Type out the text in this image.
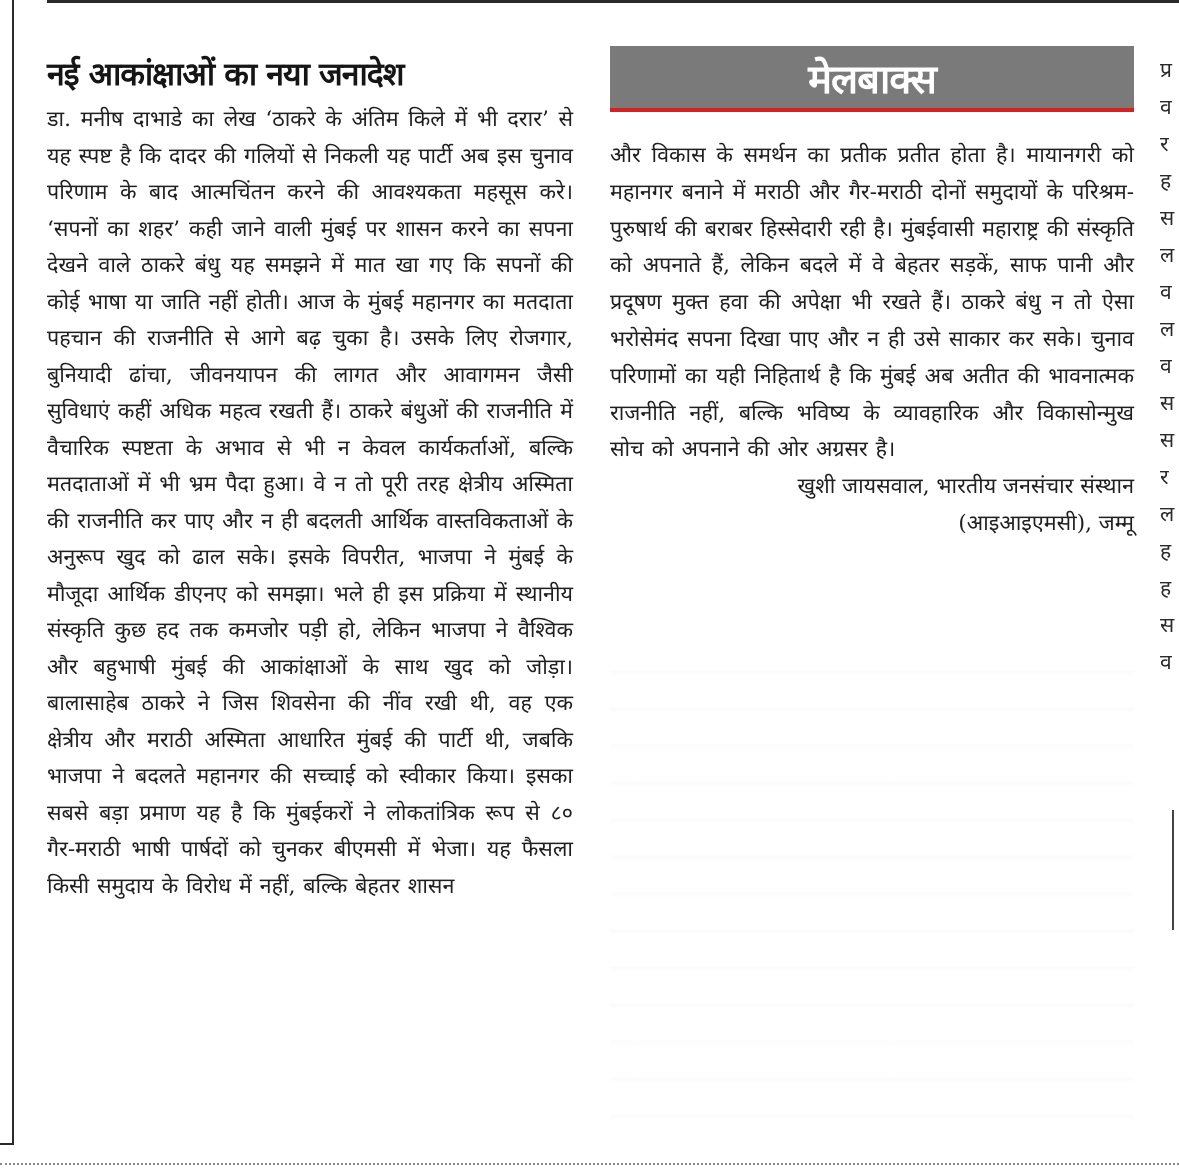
नई आकांक्षाओं का नया जनादेश

डा. मनीष दाभाडे का लेख ‘ठाकरे के अंतिम किले में भी दरार’ से यह स्पष्ट है कि दादर की गलियों से निकली यह पार्टी अब इस चुनाव परिणाम के बाद आत्मचिंतन करने की आवश्यकता महसूस करे। ‘सपनों का शहर’ कही जाने वाली मुंबई पर शासन करने का सपना देखने वाले ठाकरे बंधु यह समझने में मात खा गए कि सपनों की कोई भाषा या जाति नहीं होती। आज के मुंबई महानगर का मतदाता पहचान की राजनीति से आगे बढ़ चुका है। उसके लिए रोजगार, बुनियादी ढांचा, जीवनयापन की लागत और आवागमन जैसी सुविधाएं कहीं अधिक महत्व रखती हैं। ठाकरे बंधुओं की राजनीति में वैचारिक स्पष्टता के अभाव से भी न केवल कार्यकर्ताओं, बल्कि मतदाताओं में भी भ्रम पैदा हुआ। वे न तो पूरी तरह क्षेत्रीय अस्मिता की राजनीति कर पाए और न ही बदलती आर्थिक वास्तविकताओं के अनुरूप खुद को ढाल सके। इसके विपरीत, भाजपा ने मुंबई के मौजूदा आर्थिक डीएनए को समझा। भले ही इस प्रक्रिया में स्थानीय संस्कृति कुछ हद तक कमजोर पड़ी हो, लेकिन भाजपा ने वैश्विक और बहुभाषी मुंबई की आकांक्षाओं के साथ खुद को जोड़ा। बालासाहेब ठाकरे ने जिस शिवसेना की नींव रखी थी, वह एक क्षेत्रीय और मराठी अस्मिता आधारित मुंबई की पार्टी थी, जबकि भाजपा ने बदलते महानगर की सच्चाई को स्वीकार किया। इसका सबसे बड़ा प्रमाण यह है कि मुंबईकरों ने लोकतांत्रिक रूप से ८० गैर-मराठी भाषी पार्षदों को चुनकर बीएमसी में भेजा। यह फैसला किसी समुदाय के विरोध में नहीं, बल्कि बेहतर शासन

मेलबाक्स

और विकास के समर्थन का प्रतीक प्रतीत होता है। मायानगरी को महानगर बनाने में मराठी और गैर-मराठी दोनों समुदायों के परिश्रम-पुरुषार्थ की बराबर हिस्सेदारी रही है। मुंबईवासी महाराष्ट्र की संस्कृति को अपनाते हैं, लेकिन बदले में वे बेहतर सड़कें, साफ पानी और प्रदूषण मुक्त हवा की अपेक्षा भी रखते हैं। ठाकरे बंधु न तो ऐसा भरोसेमंद सपना दिखा पाए और न ही उसे साकार कर सके। चुनाव परिणामों का यही निहितार्थ है कि मुंबई अब अतीत की भावनात्मक राजनीति नहीं, बल्कि भविष्य के व्यावहारिक और विकासोन्मुख सोच को अपनाने की ओर अग्रसर है।

खुशी जायसवाल, भारतीय जनसंचार संस्थान

(आइआइएमसी), जम्मू

प्र
व
र
ह
स
ल
व
ल
व
स
स
र
ल
ह
ह
स
व
